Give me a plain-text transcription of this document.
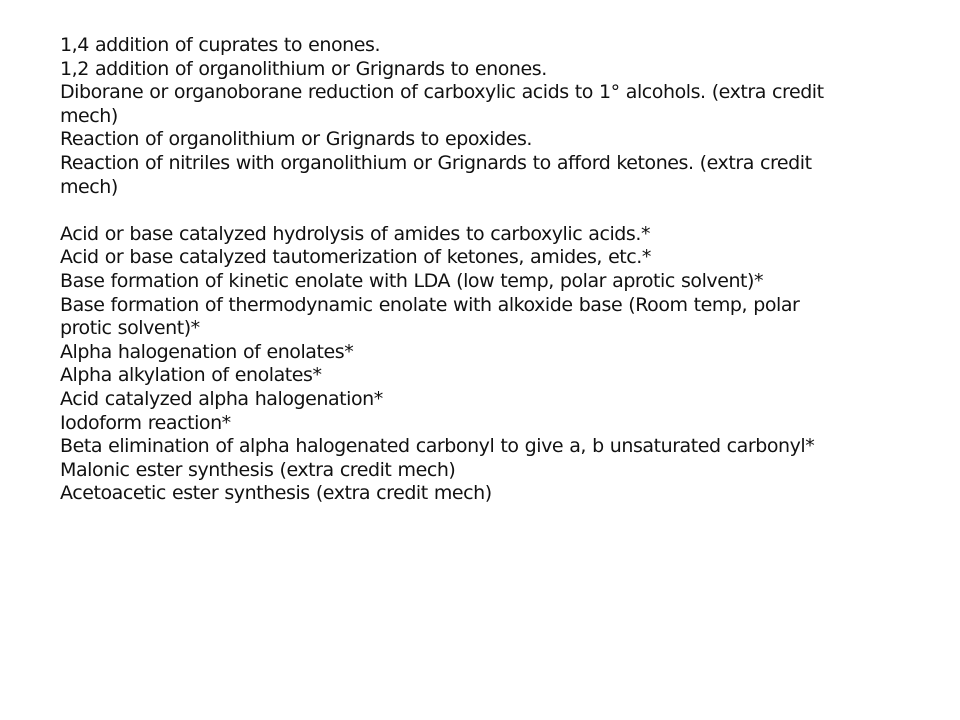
1,4 addition of cuprates to enones.

1,2 addition of organolithium or Grignards to enones.

Diborane or organoborane reduction of carboxylic acids to 1° alcohols. (extra credit mech)

Reaction of organolithium or Grignards to epoxides.

Reaction of nitriles with organolithium or Grignards to afford ketones. (extra credit mech)

Acid or base catalyzed hydrolysis of amides to carboxylic acids.*

Acid or base catalyzed tautomerization of ketones, amides, etc.*

Base formation of kinetic enolate with LDA (low temp, polar aprotic solvent)*

Base formation of thermodynamic enolate with alkoxide base (Room temp, polar protic solvent)*

Alpha halogenation of enolates*

Alpha alkylation of enolates*

Acid catalyzed alpha halogenation*

Iodoform reaction*

Beta elimination of alpha halogenated carbonyl to give a, b unsaturated carbonyl*

Malonic ester synthesis (extra credit mech)

Acetoacetic ester synthesis (extra credit mech)
